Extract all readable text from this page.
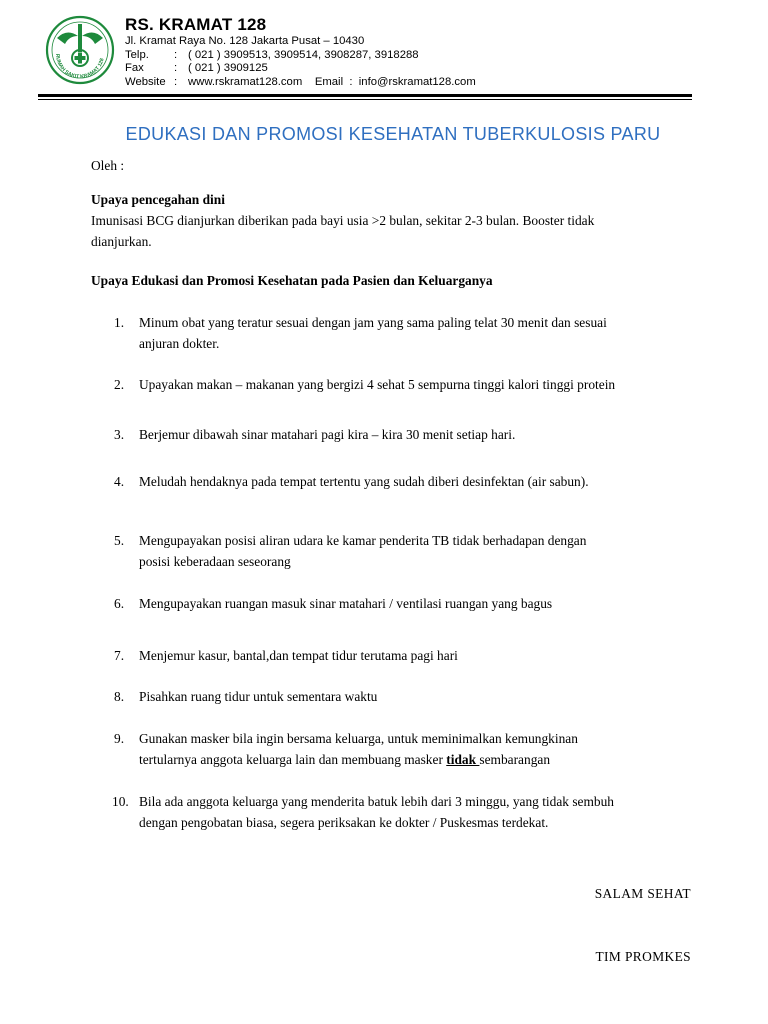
RUMAH SAKIT KRAMAT 128
RS. KRAMAT 128
Jl. Kramat Raya No. 128 Jakarta Pusat – 10430
Telp. : ( 021 ) 3909513, 3909514, 3908287, 3918288
Fax	: ( 021 ) 3909125
Website : www.rskramat128.com Email : info@rskramat128.com
EDUKASI DAN PROMOSI KESEHATAN TUBERKULOSIS PARU
Oleh :
Upaya pencegahan dini
Imunisasi BCG dianjurkan diberikan pada bayi usia >2 bulan, sekitar 2-3 bulan. Booster tidak
dianjurkan.
Upaya Edukasi dan Promosi Kesehatan pada Pasien dan Keluarganya
1. Minum obat yang teratur sesuai dengan jam yang sama paling telat 30 menit dan sesuai
anjuran dokter.
2. Upayakan makan – makanan yang bergizi 4 sehat 5 sempurna tinggi kalori tinggi protein
3. Berjemur dibawah sinar matahari pagi kira – kira 30 menit setiap hari.
4. Meludah hendaknya pada tempat tertentu yang sudah diberi desinfektan (air sabun).
5. Mengupayakan posisi aliran udara ke kamar penderita TB tidak berhadapan dengan
posisi keberadaan seseorang
6. Mengupayakan ruangan masuk sinar matahari / ventilasi ruangan yang bagus
7. Menjemur kasur, bantal,dan tempat tidur terutama pagi hari
8. Pisahkan ruang tidur untuk sementara waktu
9. Gunakan masker bila ingin bersama keluarga, untuk meminimalkan kemungkinan
tertularnya anggota keluarga lain dan membuang masker tidak sembarangan
10. Bila ada anggota keluarga yang menderita batuk lebih dari 3 minggu, yang tidak sembuh
dengan pengobatan biasa, segera periksakan ke dokter / Puskesmas terdekat.
SALAM SEHAT
TIM PROMKES
